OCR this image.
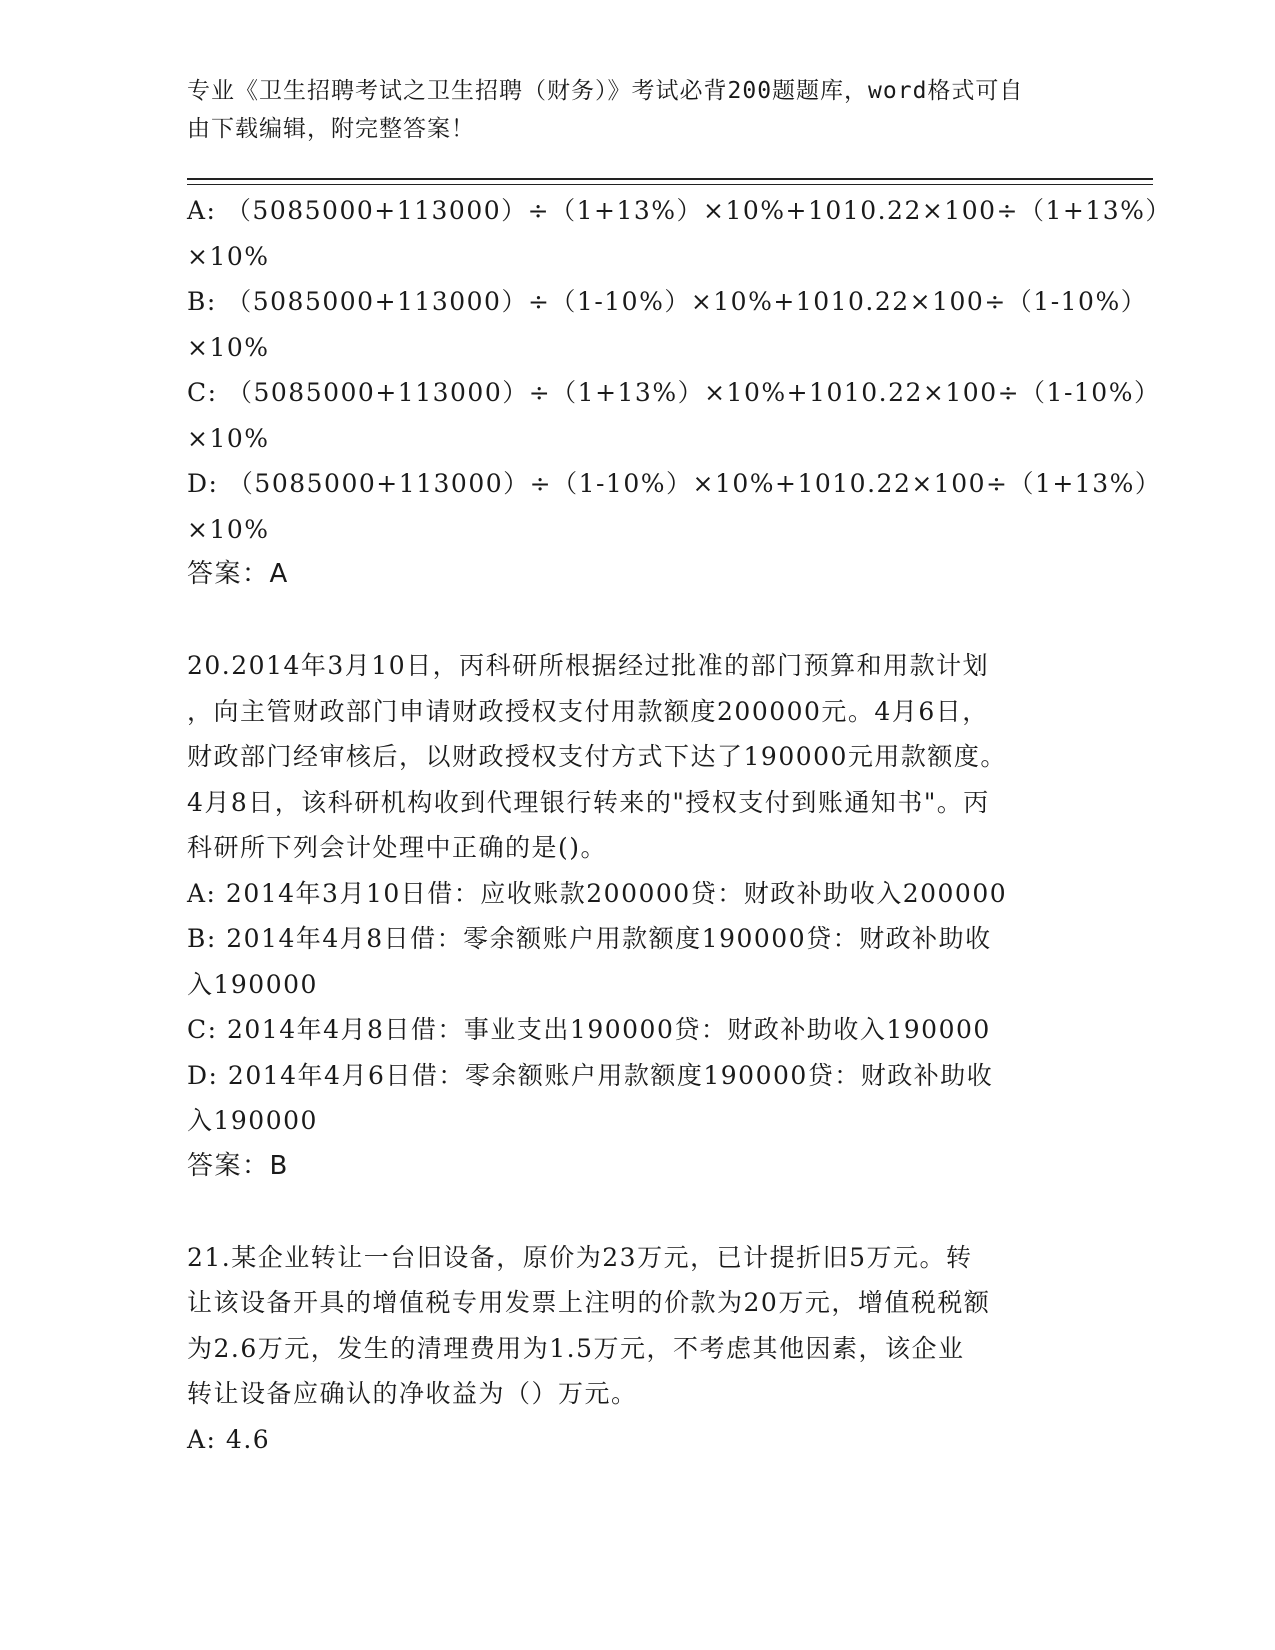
专业《卫生招聘考试之卫生招聘（财务）》考试必背200题题库，word格式可自
由下载编辑，附完整答案！
A: （5085000+113000）÷（1+13%）×10%+1010.22×100÷（1+13%）
×10%
B: （5085000+113000）÷（1-10%）×10%+1010.22×100÷（1-10%）
×10%
C: （5085000+113000）÷（1+13%）×10%+1010.22×100÷（1-10%）
×10%
D: （5085000+113000）÷（1-10%）×10%+1010.22×100÷（1+13%）
×10%
答案：A
20.2014年3月10日，丙科研所根据经过批准的部门预算和用款计划
，向主管财政部门申请财政授权支付用款额度200000元。4月6日，
财政部门经审核后，以财政授权支付方式下达了190000元用款额度。
4月8日，该科研机构收到代理银行转来的"授权支付到账通知书"。丙
科研所下列会计处理中正确的是()。
A: 2014年3月10日借：应收账款200000贷：财政补助收入200000
B: 2014年4月8日借：零余额账户用款额度190000贷：财政补助收
入190000
C: 2014年4月8日借：事业支出190000贷：财政补助收入190000
D: 2014年4月6日借：零余额账户用款额度190000贷：财政补助收
入190000
答案：B
21.某企业转让一台旧设备，原价为23万元，已计提折旧5万元。转
让该设备开具的增值税专用发票上注明的价款为20万元，增值税税额
为2.6万元，发生的清理费用为1.5万元，不考虑其他因素，该企业
转让设备应确认的净收益为（）万元。
A: 4.6
